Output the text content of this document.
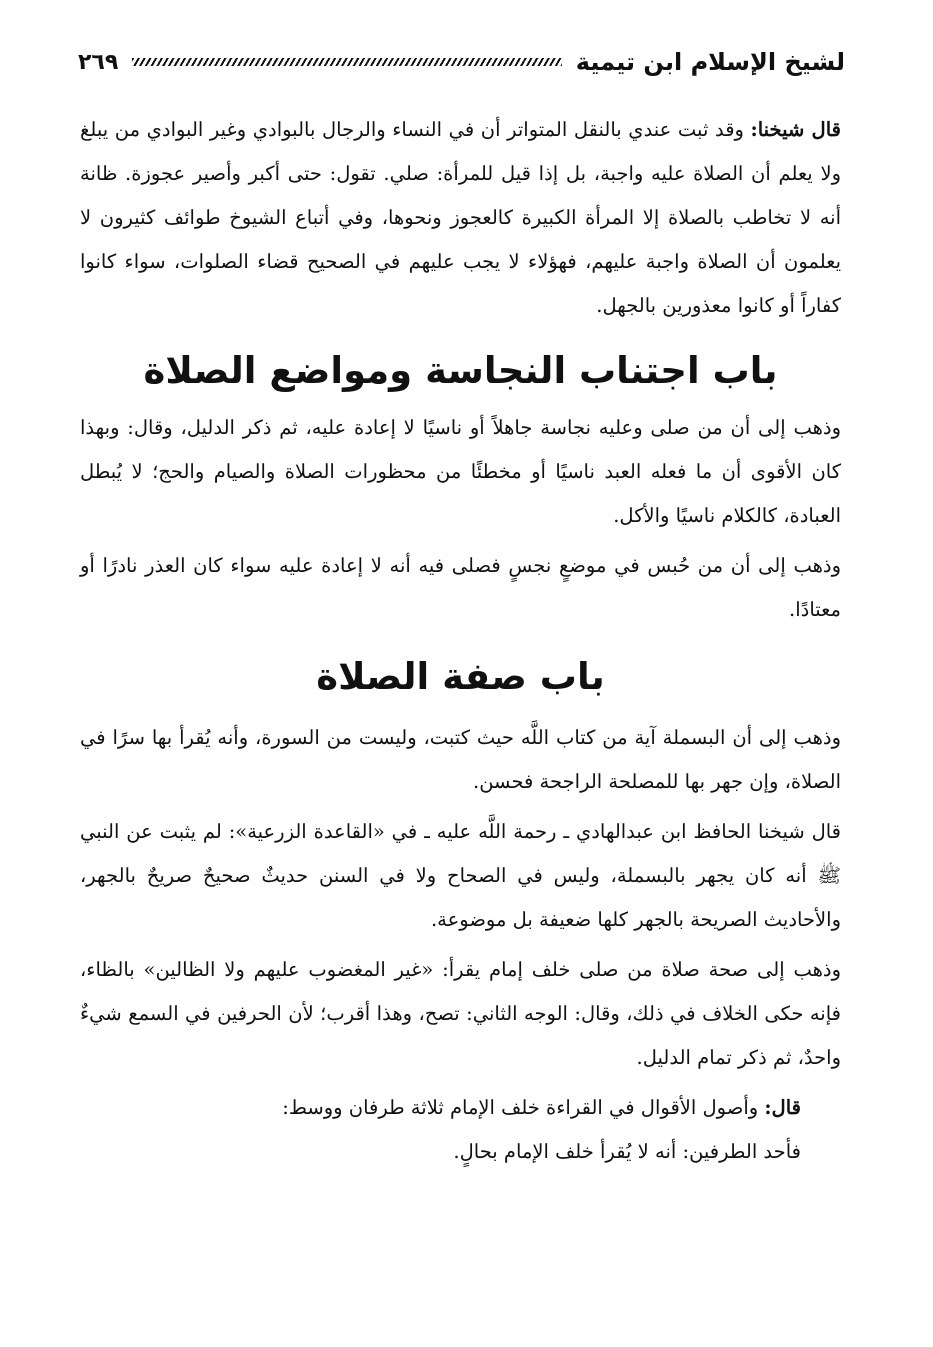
لشيخ الإسلام ابن تيمية
٢٦٩

قال شيخنا: وقد ثبت عندي بالنقل المتواتر أن في النساء والرجال بالبوادي وغير البوادي من يبلغ ولا يعلم أن الصلاة عليه واجبة، بل إذا قيل للمرأة: صلي. تقول: حتى أكبر وأصير عجوزة. ظانة أنه لا تخاطب بالصلاة إلا المرأة الكبيرة كالعجوز ونحوها، وفي أتباع الشيوخ طوائف كثيرون لا يعلمون أن الصلاة واجبة عليهم، فهؤلاء لا يجب عليهم في الصحيح قضاء الصلوات، سواء كانوا كفاراً أو كانوا معذورين بالجهل.

باب اجتناب النجاسة ومواضع الصلاة

وذهب إلى أن من صلى وعليه نجاسة جاهلاً أو ناسيًا لا إعادة عليه، ثم ذكر الدليل، وقال: وبهذا كان الأقوى أن ما فعله العبد ناسيًا أو مخطئًا من محظورات الصلاة والصيام والحج؛ لا يُبطل العبادة، كالكلام ناسيًا والأكل.

وذهب إلى أن من حُبس في موضعٍ نجسٍ فصلى فيه أنه لا إعادة عليه سواء كان العذر نادرًا أو معتادًا.

باب صفة الصلاة

وذهب إلى أن البسملة آية من كتاب اللَّه حيث كتبت، وليست من السورة، وأنه يُقرأ بها سرًا في الصلاة، وإن جهر بها للمصلحة الراجحة فحسن.

قال شيخنا الحافظ ابن عبدالهادي ـ رحمة اللَّه عليه ـ في «القاعدة الزرعية»: لم يثبت عن النبي ﷺ أنه كان يجهر بالبسملة، وليس في الصحاح ولا في السنن حديثٌ صحيحٌ صريحٌ بالجهر، والأحاديث الصريحة بالجهر كلها ضعيفة بل موضوعة.

وذهب إلى صحة صلاة من صلى خلف إمام يقرأ: «غير المغضوب عليهم ولا الظالين» بالظاء، فإنه حكى الخلاف في ذلك، وقال: الوجه الثاني: تصح، وهذا أقرب؛ لأن الحرفين في السمع شيءٌ واحدٌ، ثم ذكر تمام الدليل.

قال: وأصول الأقوال في القراءة خلف الإمام ثلاثة طرفان ووسط:

فأحد الطرفين: أنه لا يُقرأ خلف الإمام بحالٍ.
